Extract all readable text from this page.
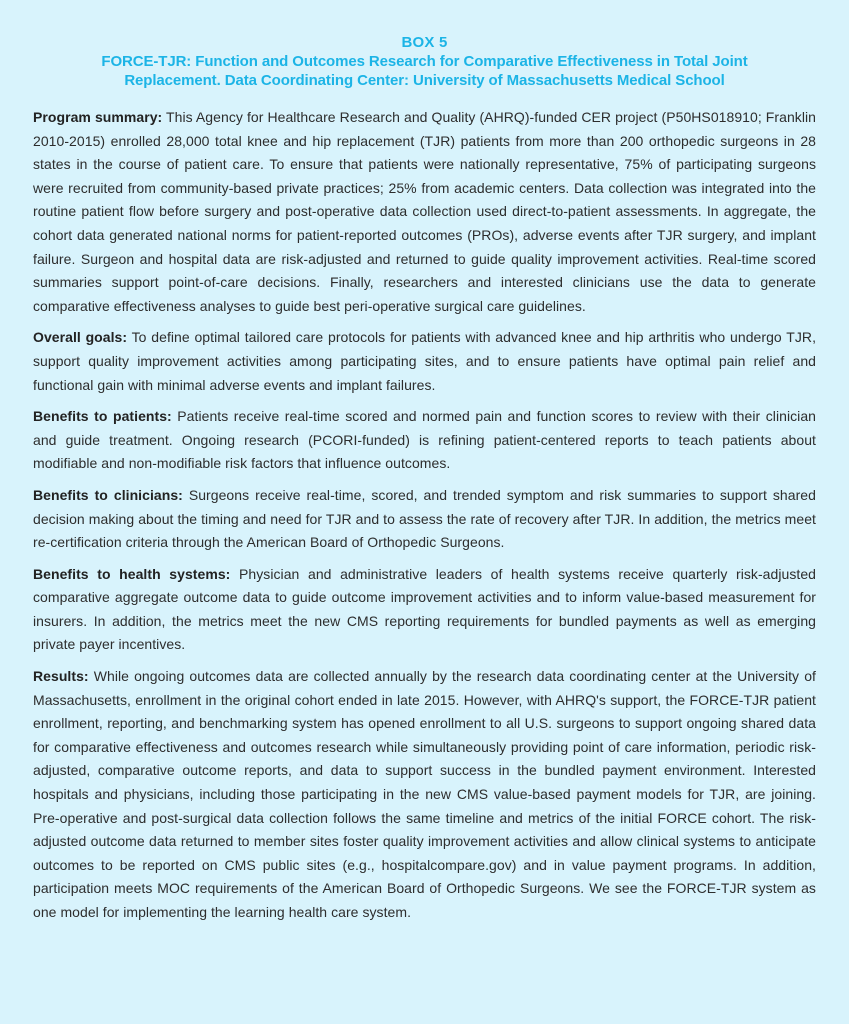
BOX 5
FORCE-TJR: Function and Outcomes Research for Comparative Effectiveness in Total Joint Replacement. Data Coordinating Center: University of Massachusetts Medical School

Program summary: This Agency for Healthcare Research and Quality (AHRQ)-funded CER project (P50HS018910; Franklin 2010-2015) enrolled 28,000 total knee and hip replacement (TJR) patients from more than 200 orthopedic surgeons in 28 states in the course of patient care. To ensure that patients were nationally representative, 75% of participating surgeons were recruited from community-based private practices; 25% from academic centers. Data collection was integrated into the routine patient flow before surgery and post-operative data collection used direct-to-patient assessments. In aggregate, the cohort data generated national norms for patient-reported outcomes (PROs), adverse events after TJR surgery, and implant failure. Surgeon and hospital data are risk-adjusted and returned to guide quality improvement activities. Real-time scored summaries support point-of-care decisions. Finally, researchers and interested clinicians use the data to generate comparative effectiveness analyses to guide best peri-operative surgical care guidelines.

Overall goals: To define optimal tailored care protocols for patients with advanced knee and hip arthritis who undergo TJR, support quality improvement activities among participating sites, and to ensure patients have optimal pain relief and functional gain with minimal adverse events and implant failures.

Benefits to patients: Patients receive real-time scored and normed pain and function scores to review with their clinician and guide treatment. Ongoing research (PCORI-funded) is refining patient-centered reports to teach patients about modifiable and non-modifiable risk factors that influence outcomes.

Benefits to clinicians: Surgeons receive real-time, scored, and trended symptom and risk summaries to support shared decision making about the timing and need for TJR and to assess the rate of recovery after TJR. In addition, the metrics meet re-certification criteria through the American Board of Orthopedic Surgeons.

Benefits to health systems: Physician and administrative leaders of health systems receive quarterly risk-adjusted comparative aggregate outcome data to guide outcome improvement activities and to inform value-based measurement for insurers. In addition, the metrics meet the new CMS reporting requirements for bundled payments as well as emerging private payer incentives.

Results: While ongoing outcomes data are collected annually by the research data coordinating center at the University of Massachusetts, enrollment in the original cohort ended in late 2015. However, with AHRQ's support, the FORCE-TJR patient enrollment, reporting, and benchmarking system has opened enrollment to all U.S. surgeons to support ongoing shared data for comparative effectiveness and outcomes research while simultaneously providing point of care information, periodic risk-adjusted, comparative outcome reports, and data to support success in the bundled payment environment. Interested hospitals and physicians, including those participating in the new CMS value-based payment models for TJR, are joining. Pre-operative and post-surgical data collection follows the same timeline and metrics of the initial FORCE cohort. The risk-adjusted outcome data returned to member sites foster quality improvement activities and allow clinical systems to anticipate outcomes to be reported on CMS public sites (e.g., hospitalcompare.gov) and in value payment programs. In addition, participation meets MOC requirements of the American Board of Orthopedic Surgeons. We see the FORCE-TJR system as one model for implementing the learning health care system.
